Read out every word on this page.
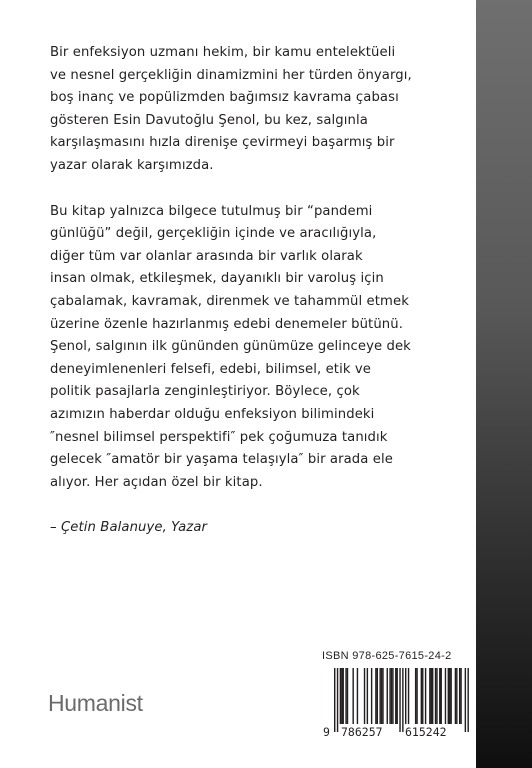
Bir enfeksiyon uzmanı hekim, bir kamu entelektüeli
ve nesnel gerçekliğin dinamizmini her türden önyargı,
boş inanç ve popülizmden bağımsız kavrama çabası
gösteren Esin Davutoğlu Şenol, bu kez, salgınla
karşılaşmasını hızla direnişe çevirmeyi başarmış bir
yazar olarak karşımızda.

Bu kitap yalnızca bilgece tutulmuş bir “pandemi
günlüğü” değil, gerçekliğin içinde ve aracılığıyla,
diğer tüm var olanlar arasında bir varlık olarak
insan olmak, etkileşmek, dayanıklı bir varoluş için
çabalamak, kavramak, direnmek ve tahammül etmek
üzerine özenle hazırlanmış edebi denemeler bütünü.
Şenol, salgının ilk gününden günümüze gelinceye dek
deneyimlenenleri felsefi, edebi, bilimsel, etik ve
politik pasajlarla zenginleştiriyor. Böylece, çok
azımızın haberdar olduğu enfeksiyon bilimindeki
″nesnel bilimsel perspektifi″ pek çoğumuza tanıdık
gelecek ″amatör bir yaşama telaşıyla″ bir arada ele
alıyor. Her açıdan özel bir kitap.

– Çetin Balanuye, Yazar

Humanist
ISBN 978-625-7615-24-2
9 786257 615242
